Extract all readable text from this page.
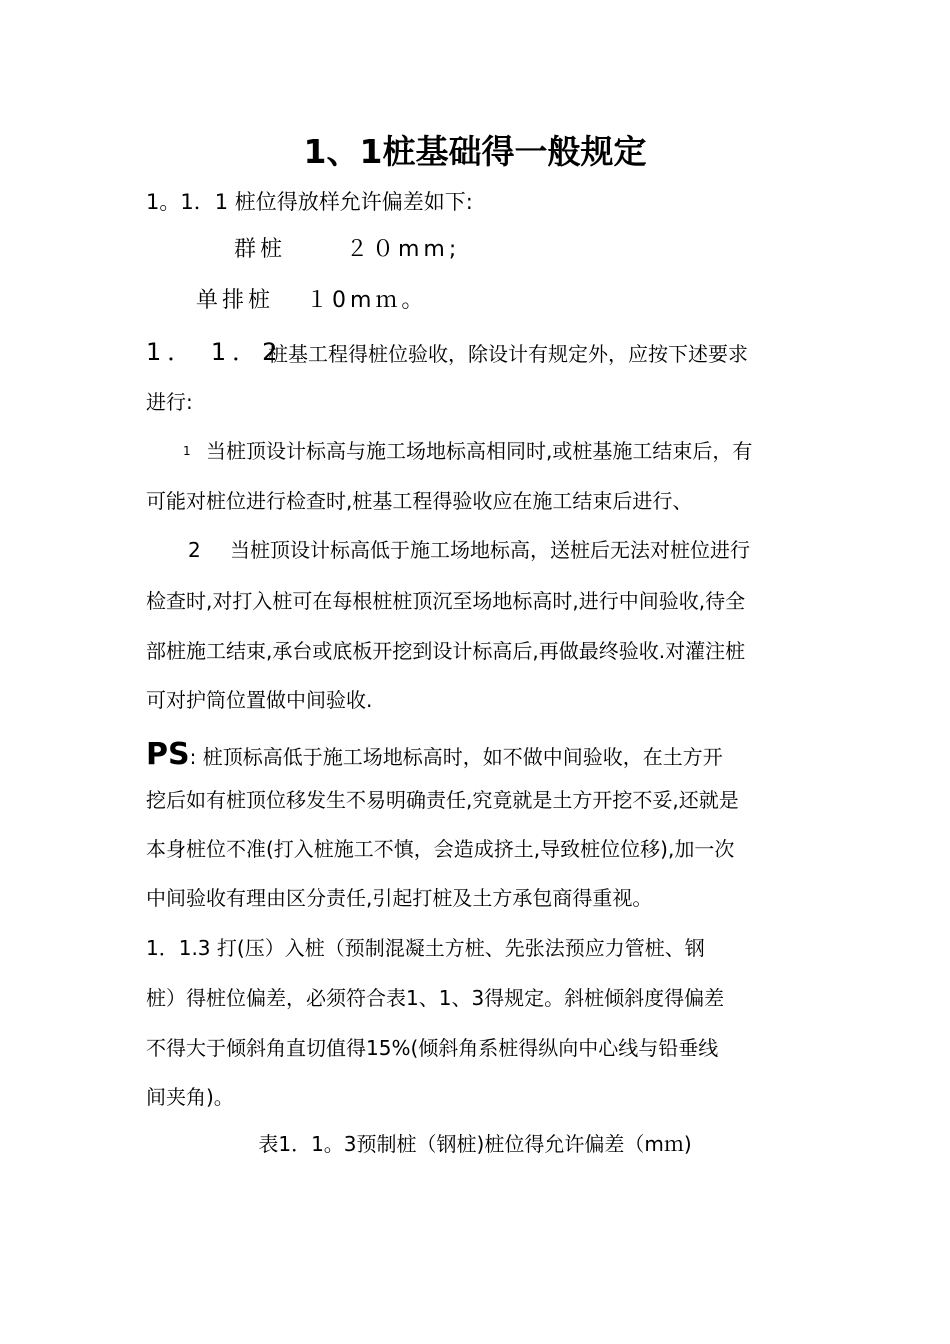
1、1桩基础得一般规定
1。1．1 桩位得放样允许偏差如下:
群桩	２０mm;
单排桩 １0mｍ。
1． 1．2
桩基工程得桩位验收，除设计有规定外，应按下述要求
进行:
$^1$ 当桩顶设计标高与施工场地标高相同时,或桩基施工结束后，有
可能对桩位进行检查时,桩基工程得验收应在施工结束后进行、
2 当桩顶设计标高低于施工场地标高，送桩后无法对桩位进行
检查时,对打入桩可在每根桩桩顶沉至场地标高时,进行中间验收,待全
部桩施工结束,承台或底板开挖到设计标高后,再做最终验收.对灌注桩
可对护筒位置做中间验收.
PS: 桩顶标高低于施工场地标高时，如不做中间验收，在土方开
挖后如有桩顶位移发生不易明确责任,究竟就是土方开挖不妥,还就是
本身桩位不准(打入桩施工不慎，会造成挤土,导致桩位位移),加一次
中间验收有理由区分责任,引起打桩及土方承包商得重视。
1．1.3 打(压）入桩（预制混凝土方桩、先张法预应力管桩、钢
桩）得桩位偏差，必须符合表1、1、3得规定。斜桩倾斜度得偏差
不得大于倾斜角直切值得15%(倾斜角系桩得纵向中心线与铅垂线
间夹角)。
表1．1。3预制桩（钢桩)桩位得允许偏差（mｍ)
